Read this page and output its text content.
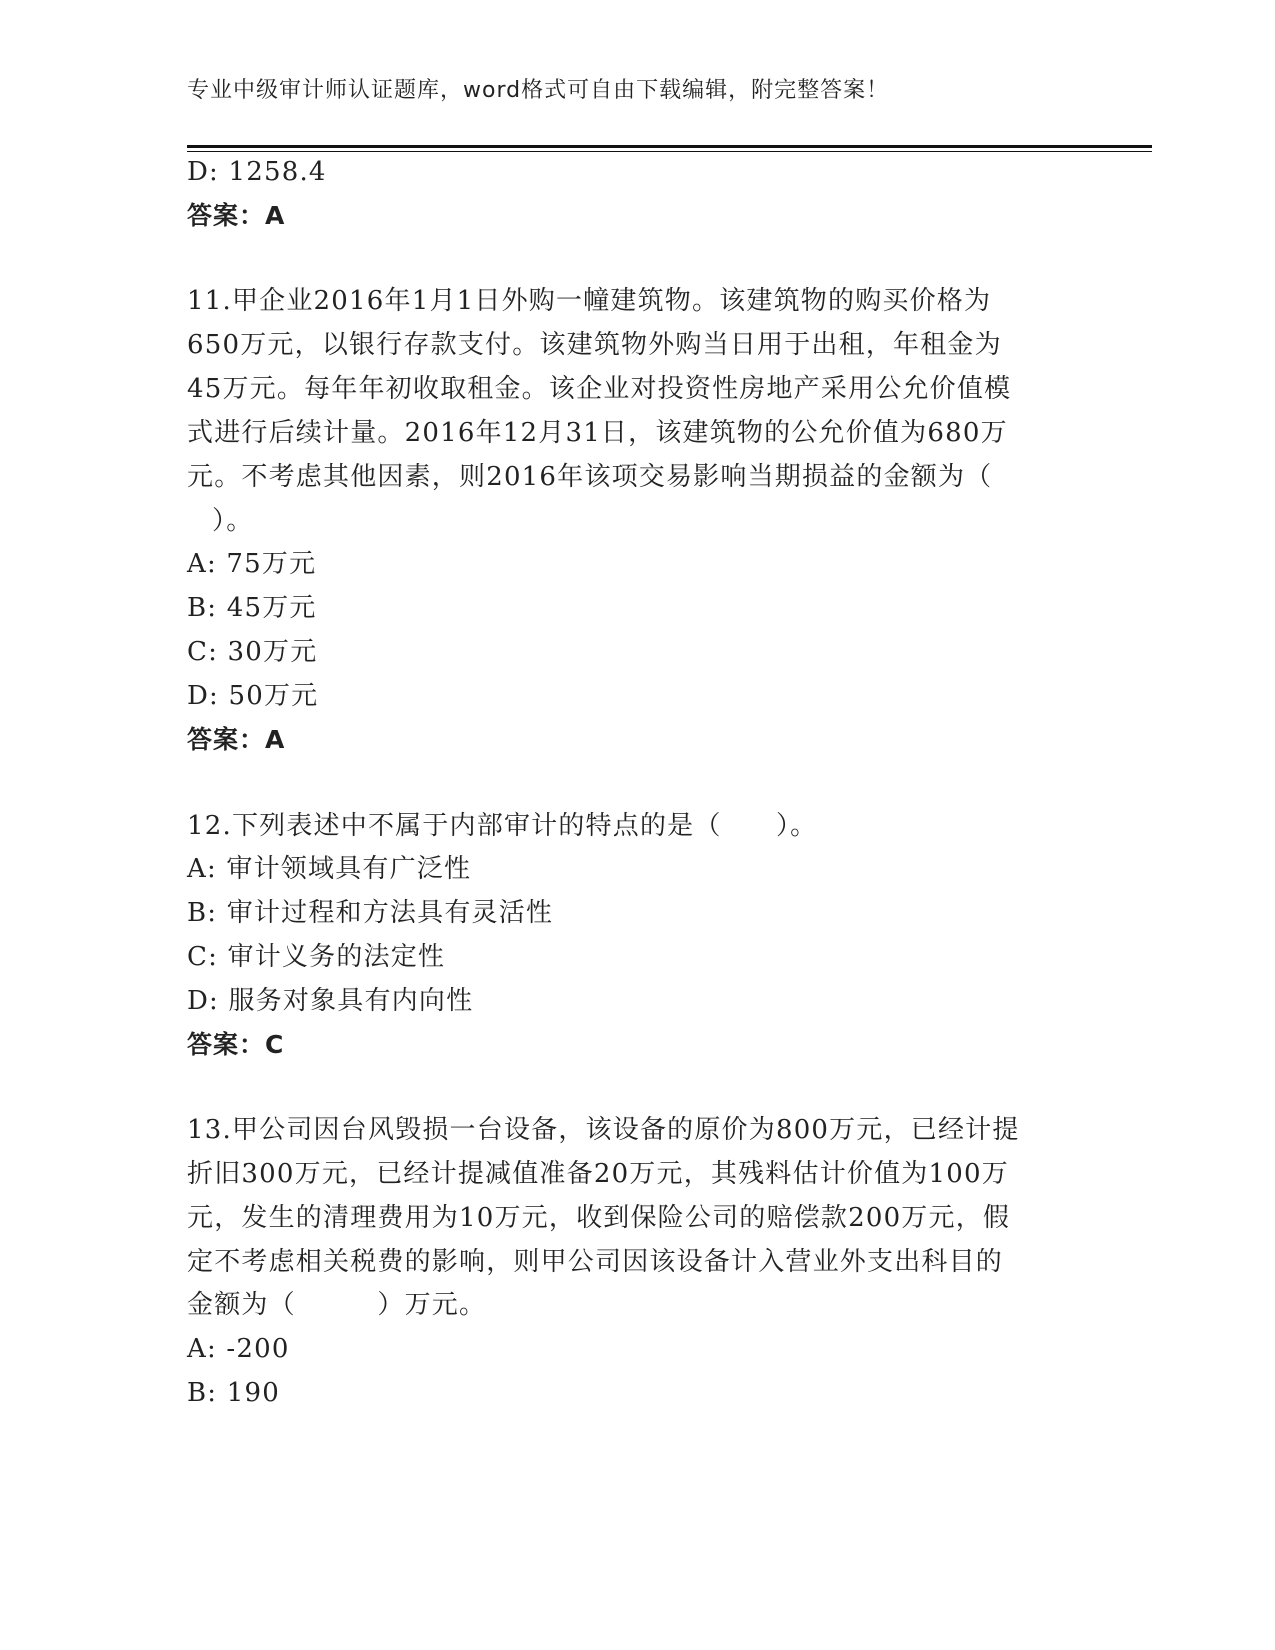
专业中级审计师认证题库，word格式可自由下载编辑，附完整答案！
D: 1258.4
答案：A
11.甲企业2016年1月1日外购一幢建筑物。该建筑物的购买价格为
650万元，以银行存款支付。该建筑物外购当日用于出租，年租金为
45万元。每年年初收取租金。该企业对投资性房地产采用公允价值模
式进行后续计量。2016年12月31日，该建筑物的公允价值为680万
元。不考虑其他因素，则2016年该项交易影响当期损益的金额为（
）。
A: 75万元
B: 45万元
C: 30万元
D: 50万元
答案：A
12.下列表述中不属于内部审计的特点的是（　　）。
A: 审计领域具有广泛性
B: 审计过程和方法具有灵活性
C: 审计义务的法定性
D: 服务对象具有内向性
答案：C
13.甲公司因台风毁损一台设备，该设备的原价为800万元，已经计提
折旧300万元，已经计提减值准备20万元，其残料估计价值为100万
元，发生的清理费用为10万元，收到保险公司的赔偿款200万元，假
定不考虑相关税费的影响，则甲公司因该设备计入营业外支出科目的
金额为（　　　）万元。
A: -200
B: 190
